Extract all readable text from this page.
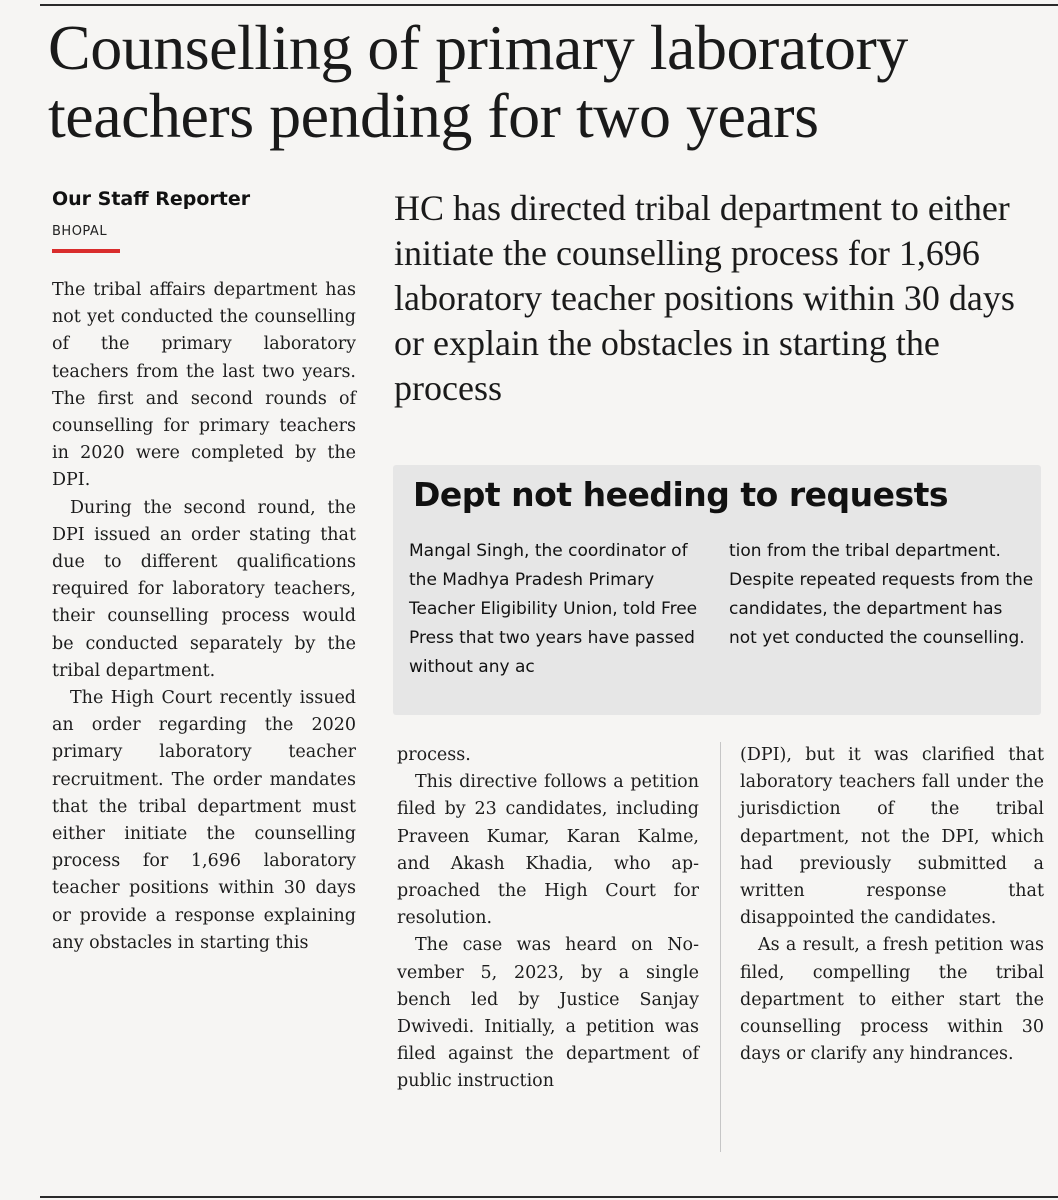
Counselling of primary laboratory teachers pending for two years
Our Staff Reporter
BHOPAL
HC has directed tribal department to either initiate the counselling process for 1,696 laboratory teacher positions within 30 days or explain the obstacles in starting the process

The tribal affairs department has not yet conducted the counselling of the primary laboratory teachers from the last two years. The first and second rounds of counselling for primary teachers in 2020 were completed by the DPI.

During the second round, the DPI issued an order stating that due to different qualifications required for laboratory teachers, their counselling process would be conducted separately by the tribal department.

The High Court recently issued an order regarding the 2020 primary laboratory teacher recruitment. The order mandates that the tribal department must either initiate the counselling process for 1,696 laboratory teacher positions within 30 days or provide a response explaining any obstacles in starting this

Dept not heeding to requests
Mangal Singh, the coordinator of the Madhya Pradesh Primary Teacher Eligibility Union, told Free Press that two years have passed without any ac
tion from the tribal department. Despite repeated requests from the candidates, the department has not yet conducted the counselling.

process.

This directive follows a petition filed by 23 candidates, including Praveen Kumar, Karan Kalme, and Akash Khadia, who approached the High Court for resolution.

The case was heard on November 5, 2023, by a single bench led by Justice Sanjay Dwivedi. Initially, a petition was filed against the department of public instruction

(DPI), but it was clarified that laboratory teachers fall under the jurisdiction of the tribal department, not the DPI, which had previously submitted a written response that disappointed the candidates.

As a result, a fresh petition was filed, compelling the tribal department to either start the counselling process within 30 days or clarify any hindrances.
